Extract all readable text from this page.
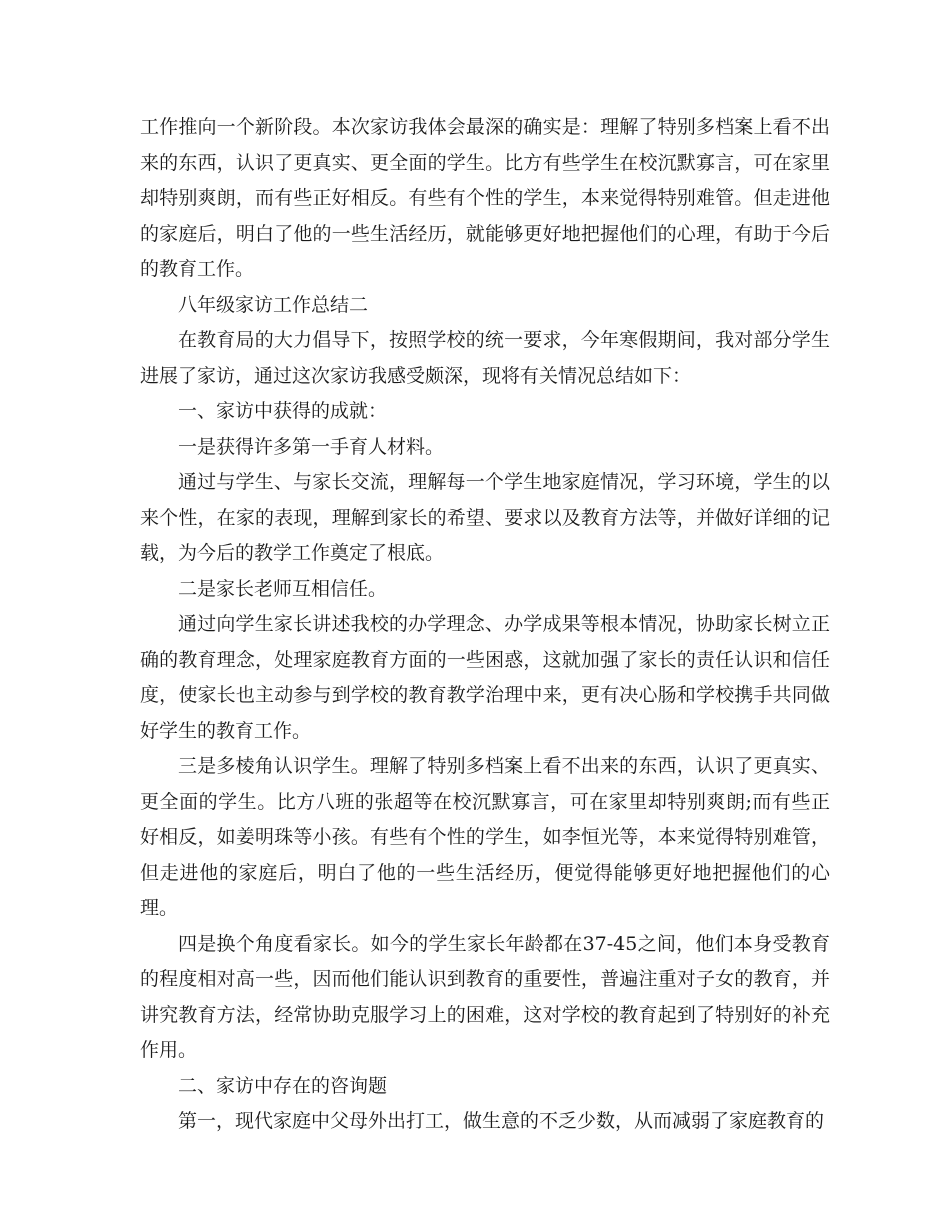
工作推向一个新阶段。本次家访我体会最深的确实是：理解了特别多档案上看不出来的东西，认识了更真实、更全面的学生。比方有些学生在校沉默寡言，可在家里却特别爽朗，而有些正好相反。有些有个性的学生，本来觉得特别难管。但走进他的家庭后，明白了他的一些生活经历，就能够更好地把握他们的心理，有助于今后的教育工作。

八年级家访工作总结二

在教育局的大力倡导下，按照学校的统一要求，今年寒假期间，我对部分学生进展了家访，通过这次家访我感受颇深，现将有关情况总结如下：

一、家访中获得的成就：

一是获得许多第一手育人材料。

通过与学生、与家长交流，理解每一个学生地家庭情况，学习环境，学生的以来个性，在家的表现，理解到家长的希望、要求以及教育方法等，并做好详细的记载，为今后的教学工作奠定了根底。

二是家长老师互相信任。

通过向学生家长讲述我校的办学理念、办学成果等根本情况，协助家长树立正确的教育理念，处理家庭教育方面的一些困惑，这就加强了家长的责任认识和信任度，使家长也主动参与到学校的教育教学治理中来，更有决心肠和学校携手共同做好学生的教育工作。

三是多棱角认识学生。理解了特别多档案上看不出来的东西，认识了更真实、更全面的学生。比方八班的张超等在校沉默寡言，可在家里却特别爽朗;而有些正好相反，如姜明珠等小孩。有些有个性的学生，如李恒光等，本来觉得特别难管，但走进他的家庭后，明白了他的一些生活经历，便觉得能够更好地把握他们的心理。

四是换个角度看家长。如今的学生家长年龄都在37-45之间，他们本身受教育的程度相对高一些，因而他们能认识到教育的重要性，普遍注重对子女的教育，并讲究教育方法，经常协助克服学习上的困难，这对学校的教育起到了特别好的补充作用。

二、家访中存在的咨询题

第一，现代家庭中父母外出打工，做生意的不乏少数，从而减弱了家庭教育的
